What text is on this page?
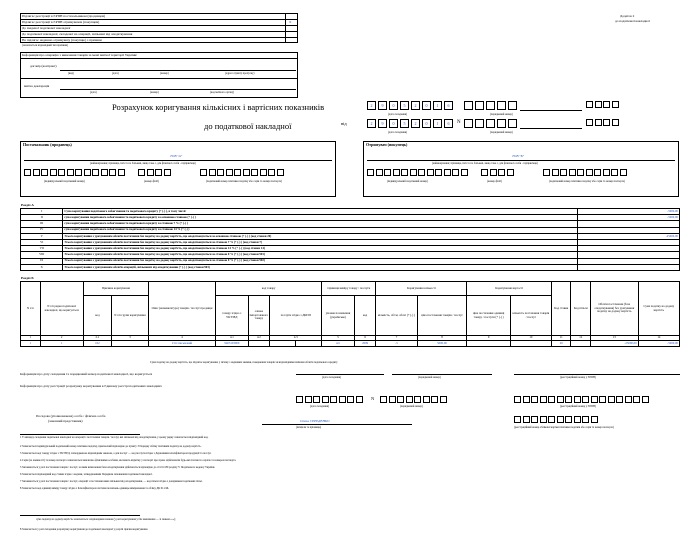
Додаток 2
до податкової накладної
Підлягає реєстрації в ЄРПН постачальником (продавцем)
Підлягає реєстрації в ЄРПН отримувачем (покупцем)	Х
До зведеної податкової накладної
До податкової накладної, складеної на операції, звільнені від оподаткування
Не підлягає наданню отримувачу (покупцю) з причини
(зазначається відповідний тип причини)
Інформація про операцію з вивезення товарів за межі митної території України:
договір (контракт)
(вид)	(дата)	(номер)	(адреса пункту пропуску)
митна декларація
(дата)	(номер)	(код митного органу)
Розрахунок коригування кількісних і вартісних показників
до податкової накладної
2	9	0	5	2	0	1	6
(дата складання)	(порядковий номер)
від	2	9	0	5	2	0	1	6
(дата складання)
N
(порядковий номер)
Постачальник (продавець)	Отримувач (покупець)
ТОВ "А"	ТОВ "Б"
(найменування; прізвище, ім'я та по батькові, якщо таке є, для фізичної особи - підприємця)	(найменування; прізвище, ім'я та по батькові, якщо таке є, для фізичної особи - підприємця)
(індивідуальний податковий номер)	(номер філії)	(податковий номер платника податку або серія та номер паспорта)	(індивідуальний податковий номер)	(номер філії)	(податковий номер платника податку або серія та номер паспорта)
Розділ А
I	Сума коригування податкового зобов'язання та податкового кредиту (+ (-) ), в тому числі:	-5000,00
II	сума коригування податкового зобов'язання та податкового кредиту за основною ставкою (+ (-) )	-5000,00
III	сума коригування податкового зобов'язання та податкового кредиту за ставкою 7 % (+ (-) )	
IV	сума коригування податкового зобов'язання та податкового кредиту за ставкою 14 % (+ (-) )	
V	Усього коригування з урахуванням обсягів постачання без податку на додану вартість, що оподатковуються за основною ставкою (+ (-) ) (код ставки 20)	-25000,00
VI	Усього коригування з урахуванням обсягів постачання без податку на додану вартість, що оподатковуються за ставкою 7 % (+ (-) ) (код ставки 7)	
VII	Усього коригування з урахуванням обсягів постачання без податку на додану вартість, що оподатковуються за ставкою 14 % (+ (-) ) (код ставки 14)	
VIII	Усього коригування з урахуванням обсягів постачання без податку на додану вартість, що оподатковуються за ставкою 0 % (+ (-) ) (код ставки 901)	
IX	Усього коригування з урахуванням обсягів постачання без податку на додану вартість, що оподатковуються за ставкою 0 % (+ (-) ) (код ставки 902)	
X	Усього коригування з урахуванням обсягів операцій, звільнених від оподаткування (+ (-) ) (код ставки 903)	
Розділ Б
N з/п	N з/п рядка податкової накладної, що коригується	Причина коригування		Опис (номенклатура) товарів / послуг продавця	код товару				Одиниця виміру товару / послуги		Коригування кількості		Коригування вартості		Код ставки	Код пільги	Обсяги постачання (база оподаткування) без урахування податку на додану вартість	Сума податку на додану вартість
		код	N з/п групи коригування		товару згідно з УКТЗЕД	ознака імпортованого товару	послуги згідно з ДКПП		умовне позначення (українське)	код	кількість, об'єм, обсяг (+ (-) )	ціна постачання товарів / послуг	ціна постачання одиниці товару / послуги (+ (-) )	кількість постачання товарів / послуг				

1	2	2.1	3	4	4.1	4.2	4.3		5	6	7	8	9	10	11	12	13	14
1	1	102		Стіл письмовий	9403103000				шт	2009	-5	5000,00			20		-25000,00	-5000,00
Сума податку на додану вартість, що підлягає коригуванню у зв'язку з наданням знижки, повернення товарів чи відповідними змінами обсягів податкового кредиту
Інформація про дату складання та порядковий номер податкової накладної, що коригується
(дата складання)	(порядковий номер)	(реєстраційний номер у ЄРПН)
Інформація про дату реєстрації розрахунку коригування в Єдиному реєстрі податкових накладних
N
(дата складання)	(порядковий номер)	(реєстраційний номер у ЄРПН)
Посадова (уповноважена) особа / фізична особа
(законний представник)	Олена СЕРЕДЕНКО
(ініціали та прізвище)	(реєстраційний номер облікової картки платника податків або серія та номер паспорта)
1 У випадку складання податкової накладної на операції з постачання товарів / послуг, які звільнені від оподаткування, у цьому рядку зазначається відповідний код.
2 Зазначається індивідуальний податковий номер платника податку, присвоєний відповідно до пункту 3 Порядку обліку платників податку на додану вартість.
3 Зазначається код товару згідно з УКТЗЕД, затвердженою відповідним законом, а для послуг — код послуги згідно з Державним класифікатором продукції та послуг.
4 Серія (за наявності) та номер паспорта зазначаються виключно фізичними особами, які мають відмітку у паспорті про право здійснювати будь-які платежі за серією та номером паспорта.
5 Заповнюється у разі постачання товарів / послуг, за яким визначення бази оподаткування здійснюється відповідно до статті 189 розділу V Податкового кодексу України.
6 Зазначається відповідний код ставки згідно з кодами, затвердженими Порядком заповнення податкової накладної.
7 Заповнюється у разі постачання товарів / послуг, операції з постачання яких звільнені від оподаткування, — код пільги згідно з довідником податкових пільг.
8 Зазначається код одиниці виміру товару згідно з Класифікатором системи позначень одиниць вимірювання та обліку ДК 011-96.
сума податку на додану вартість зазначається з відповідним знаком (у разі коригування у бік зменшення — зі знаком «-»);
8 Зазначається у разі складання розрахунку коригування до податкової накладної у розрізі причин коригування.
